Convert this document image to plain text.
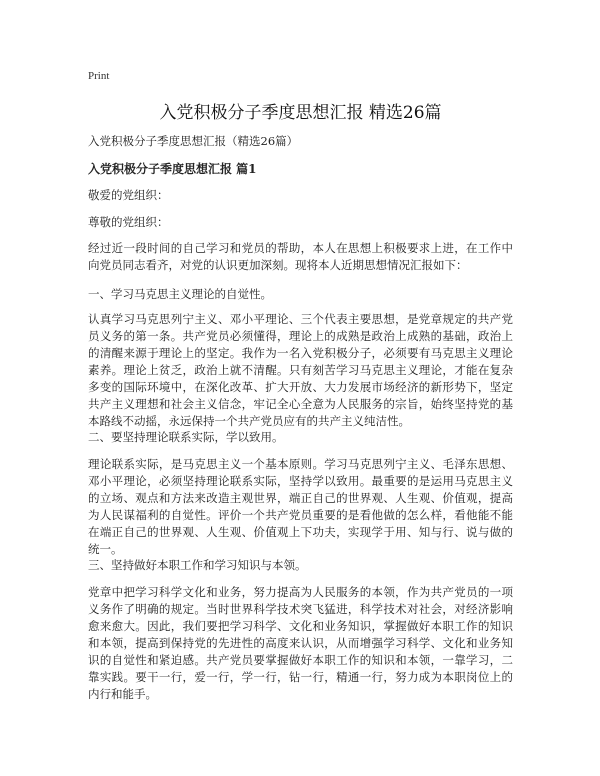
Print
入党积极分子季度思想汇报 精选26篇
入党积极分子季度思想汇报（精选26篇）
入党积极分子季度思想汇报 篇1
敬爱的党组织：
尊敬的党组织：
经过近一段时间的自己学习和党员的帮助，本人在思想上积极要求上进，在工作中向党员同志看齐，对党的认识更加深刻。现将本人近期思想情况汇报如下：
一、学习马克思主义理论的自觉性。
认真学习马克思列宁主义、邓小平理论、三个代表主要思想，是党章规定的共产党员义务的第一条。共产党员必须懂得，理论上的成熟是政治上成熟的基础，政治上的清醒来源于理论上的坚定。我作为一名入党积极分子，必须要有马克思主义理论素养。理论上贫乏，政治上就不清醒。只有刻苦学习马克思主义理论，才能在复杂多变的国际环境中，在深化改革、扩大开放、大力发展市场经济的新形势下，坚定共产主义理想和社会主义信念，牢记全心全意为人民服务的宗旨，始终坚持党的基本路线不动摇，永远保持一个共产党员应有的共产主义纯洁性。
二、要坚持理论联系实际，学以致用。
理论联系实际，是马克思主义一个基本原则。学习马克思列宁主义、毛泽东思想、邓小平理论，必须坚持理论联系实际，坚持学以致用。最重要的是运用马克思主义的立场、观点和方法来改造主观世界，端正自己的世界观、人生观、价值观，提高为人民谋福利的自觉性。评价一个共产党员重要的是看他做的怎么样，看他能不能在端正自己的世界观、人生观、价值观上下功夫，实现学于用、知与行、说与做的统一。
三、坚持做好本职工作和学习知识与本领。
党章中把学习科学文化和业务，努力提高为人民服务的本领，作为共产党员的一项义务作了明确的规定。当时世界科学技术突飞猛进，科学技术对社会，对经济影响愈来愈大。因此，我们要把学习科学、文化和业务知识，掌握做好本职工作的知识和本领，提高到保持党的先进性的高度来认识，从而增强学习科学、文化和业务知识的自觉性和紧迫感。共产党员要掌握做好本职工作的知识和本领，一靠学习，二靠实践。要干一行，爱一行，学一行，钻一行，精通一行，努力成为本职岗位上的内行和能手。
